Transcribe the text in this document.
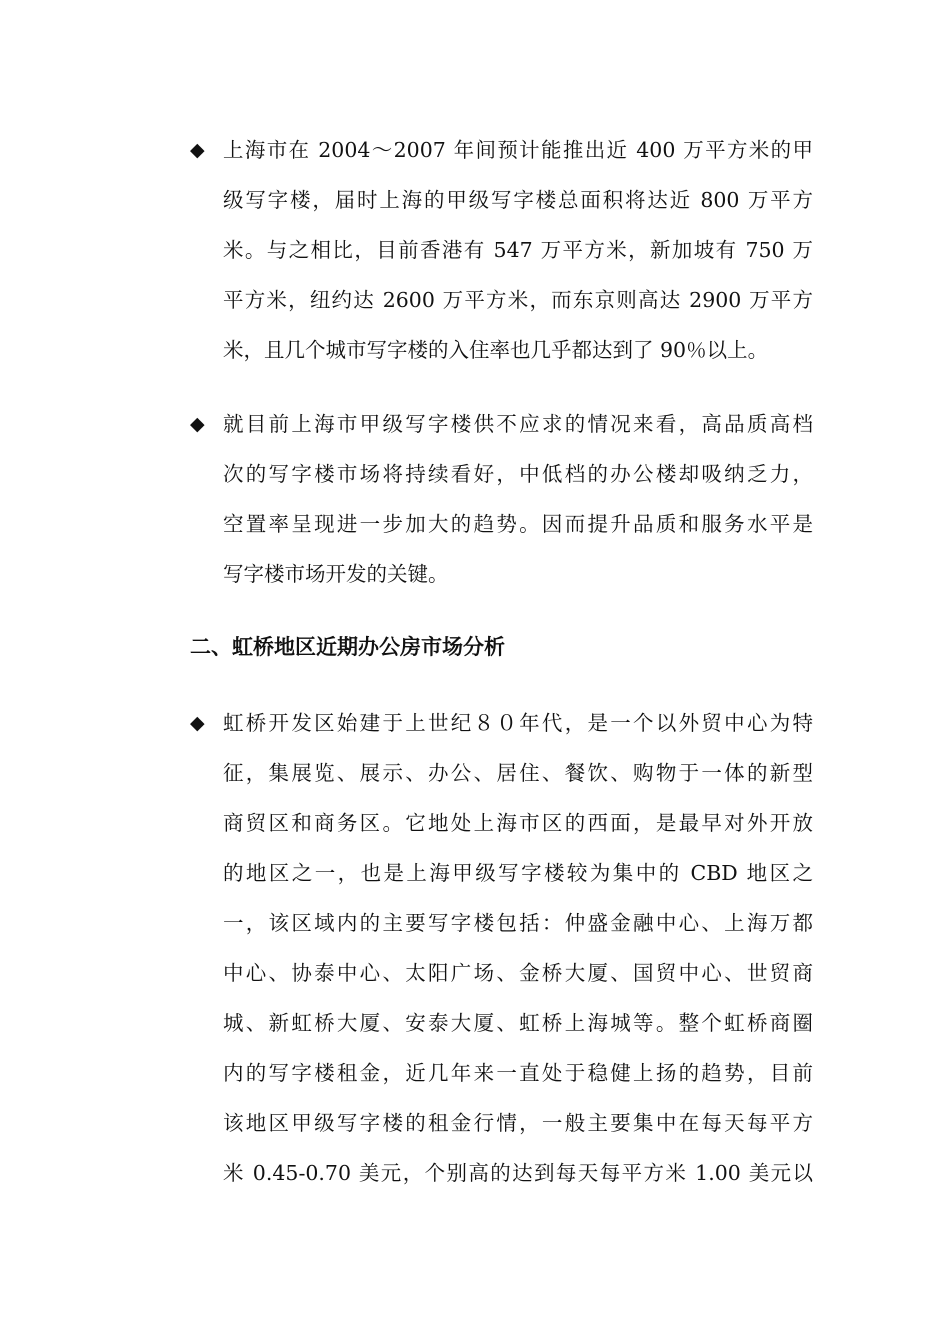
◆ 上海市在 2004～2007 年间预计能推出近 400 万平方米的甲
级写字楼，届时上海的甲级写字楼总面积将达近 800 万平方
米。与之相比，目前香港有 547 万平方米，新加坡有 750 万
平方米，纽约达 2600 万平方米，而东京则高达 2900 万平方
米，且几个城市写字楼的入住率也几乎都达到了 90％以上。
◆ 就目前上海市甲级写字楼供不应求的情况来看，高品质高档
次的写字楼市场将持续看好，中低档的办公楼却吸纳乏力，
空置率呈现进一步加大的趋势。因而提升品质和服务水平是
写字楼市场开发的关键。
二、虹桥地区近期办公房市场分析
◆ 虹桥开发区始建于上世纪８０年代，是一个以外贸中心为特
征，集展览、展示、办公、居住、餐饮、购物于一体的新型
商贸区和商务区。它地处上海市区的西面，是最早对外开放
的地区之一，也是上海甲级写字楼较为集中的 CBD 地区之
一，该区域内的主要写字楼包括：仲盛金融中心、上海万都
中心、协泰中心、太阳广场、金桥大厦、国贸中心、世贸商
城、新虹桥大厦、安泰大厦、虹桥上海城等。整个虹桥商圈
内的写字楼租金，近几年来一直处于稳健上扬的趋势，目前
该地区甲级写字楼的租金行情，一般主要集中在每天每平方
米 0.45-0.70 美元，个别高的达到每天每平方米 1.00 美元以
